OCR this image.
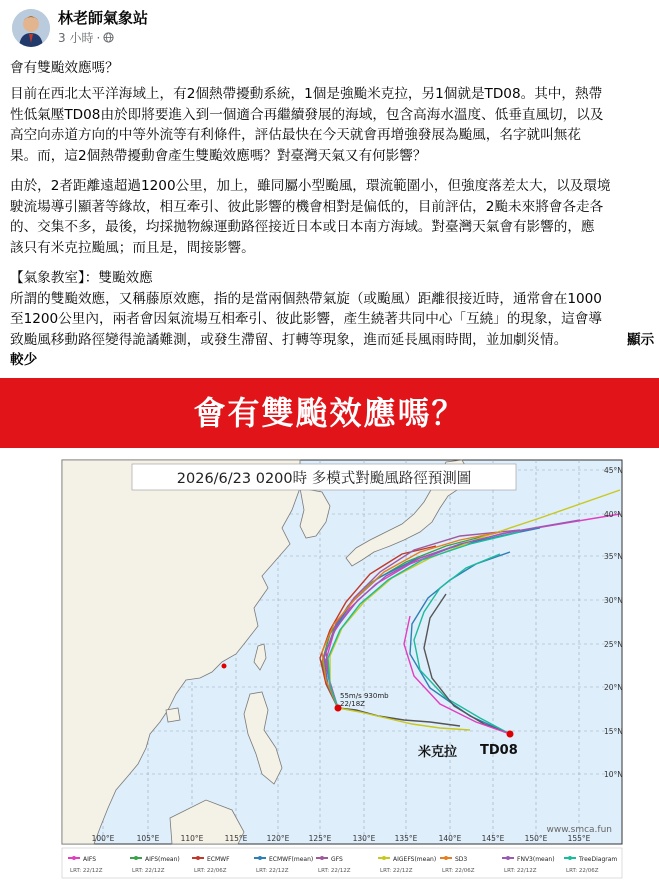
林老師氣象站
3 小時 ·
會有雙颱效應嗎？
目前在西北太平洋海域上，有2個熱帶擾動系統，1個是強颱米克拉，另1個就是TD08。其中，熱帶
性低氣壓TD08由於即將要進入到一個適合再繼續發展的海域，包含高海水溫度、低垂直風切，以及
高空向赤道方向的中等外流等有利條件，評估最快在今天就會再增強發展為颱風，名字就叫無花
果。而，這2個熱帶擾動會產生雙颱效應嗎？對臺灣天氣又有何影響？
由於，2者距離遠超過1200公里，加上，雖同屬小型颱風，環流範圍小，但強度落差太大，以及環境
駛流場導引顯著等緣故，相互牽引、彼此影響的機會相對是偏低的，目前評估，2颱未來將會各走各
的、交集不多，最後，均採拋物線運動路徑接近日本或日本南方海域。對臺灣天氣會有影響的，應
該只有米克拉颱風；而且是，間接影響。
【氣象教室】：雙颱效應
所謂的雙颱效應，又稱藤原效應，指的是當兩個熱帶氣旋（或颱風）距離很接近時，通常會在1000
至1200公里內，兩者會因氣流場互相牽引、彼此影響，產生繞著共同中心「互繞」的現象，這會導
致颱風移動路徑變得詭譎難測，或發生滯留、打轉等現象，進而延長風雨時間，並加劇災情。	顯示
較少
會有雙颱效應嗎？
2026/6/23 0200時 多模式對颱風路徑預測圖
55m/s 930mb
22/18Z
米克拉 TD08
45°N
40°N
35°N
30°N
25°N
20°N
15°N
10°N
100°E	105°E	110°E	115°E	120°E	125°E	130°E	135°E	140°E	145°E	150°E	155°E
www.smca.fun
AIFS
LRT: 22/12Z
AIFS(mean)
LRT: 22/12Z
ECMWF
LRT: 22/06Z
ECMWF(mean)
LRT: 22/12Z
GFS
LRT: 22/12Z
AIGEFS(mean)
LRT: 22/12Z
SD3
LRT: 22/06Z
FNV3(mean)
LRT: 22/12Z
TreeDiagram
LRT: 22/06Z
